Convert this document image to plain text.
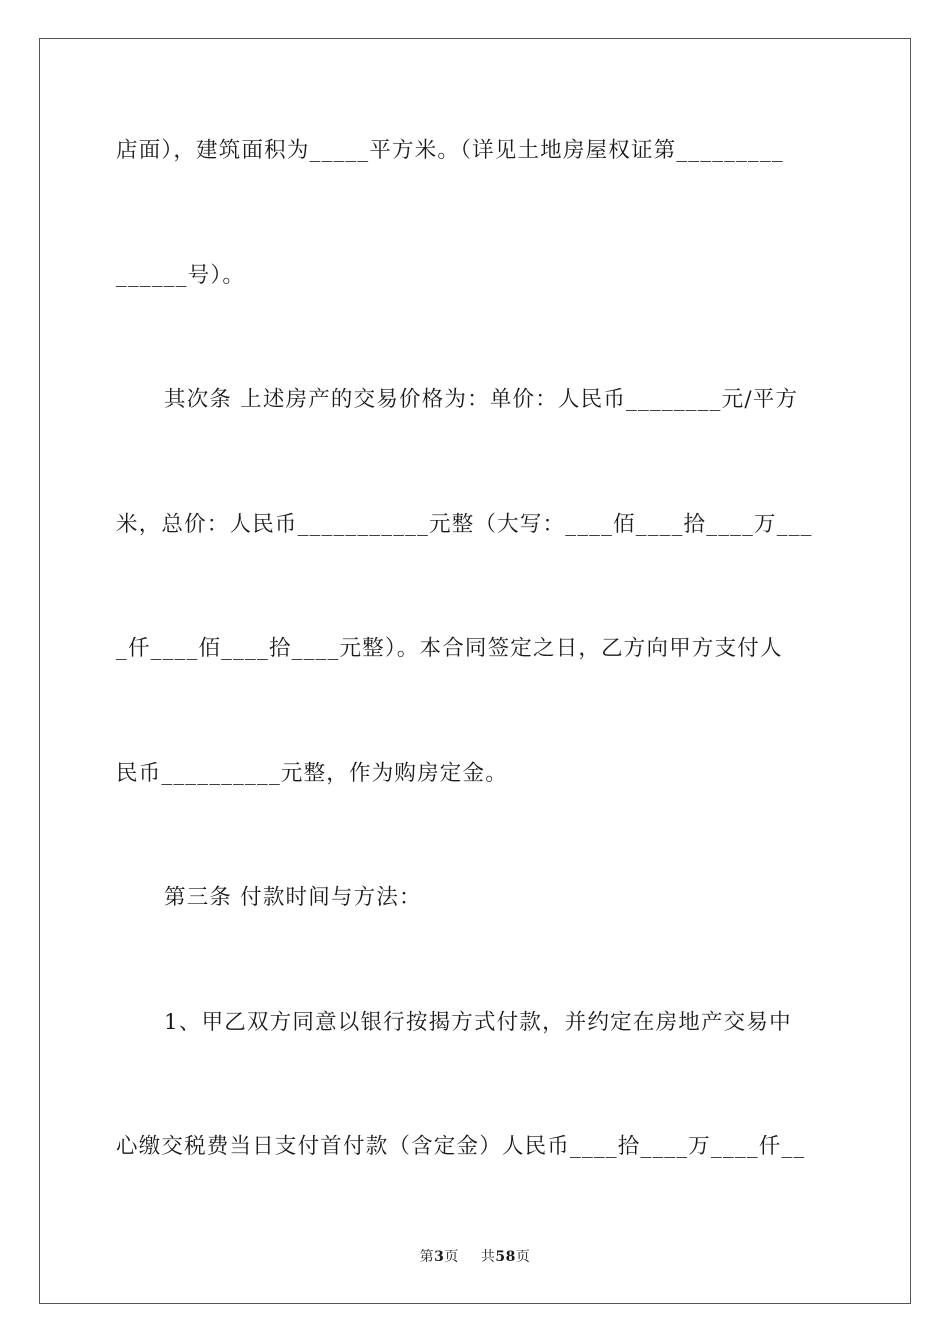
店面），建筑面积为_____平方米。（详见土地房屋权证第_________
______号）。
其次条 上述房产的交易价格为：单价：人民币________元/平方
米，总价：人民币___________元整（大写：____佰____拾____万___
_仟____佰____拾____元整）。本合同签定之日，乙方向甲方支付人
民币__________元整，作为购房定金。
第三条 付款时间与方法：
1、甲乙双方同意以银行按揭方式付款，并约定在房地产交易中
心缴交税费当日支付首付款（含定金）人民币____拾____万____仟__
第3页 共58页
